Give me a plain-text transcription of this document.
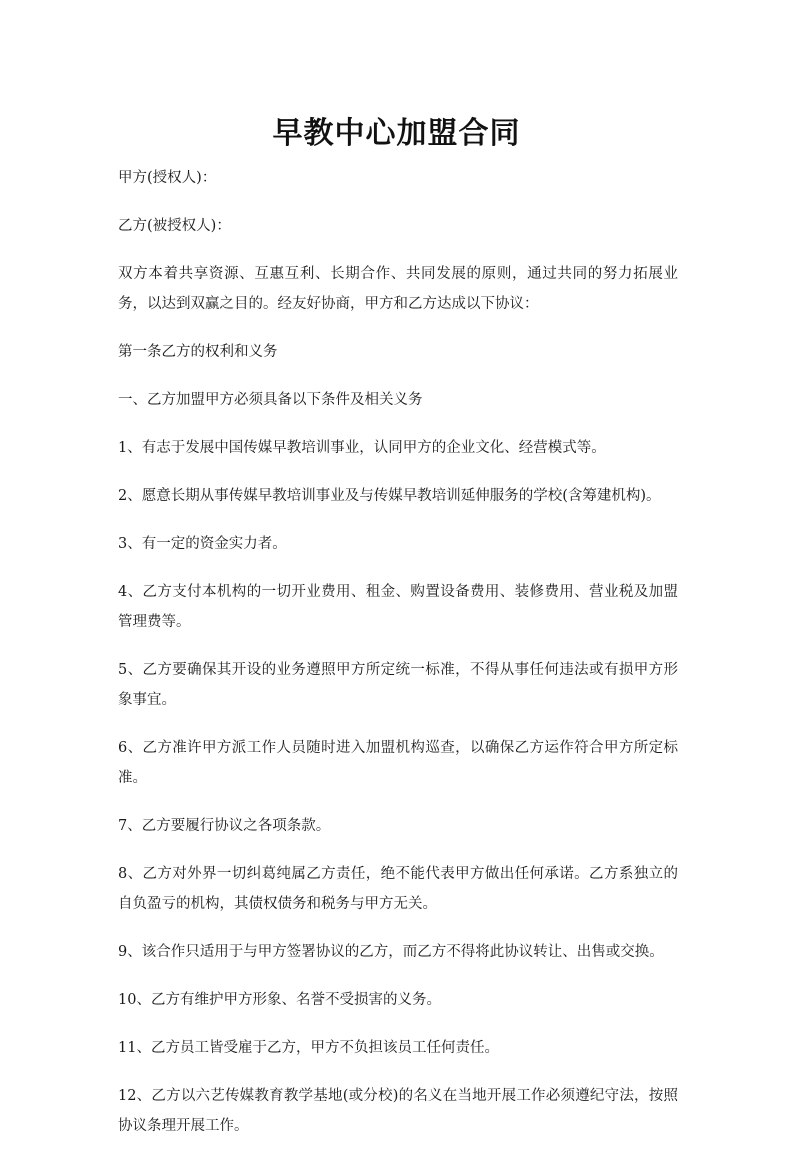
早教中心加盟合同

甲方(授权人)：

乙方(被授权人)：

双方本着共享资源、互惠互利、长期合作、共同发展的原则，通过共同的努力拓展业务，以达到双赢之目的。经友好协商，甲方和乙方达成以下协议：

第一条乙方的权利和义务

一、乙方加盟甲方必须具备以下条件及相关义务

1、有志于发展中国传媒早教培训事业，认同甲方的企业文化、经营模式等。

2、愿意长期从事传媒早教培训事业及与传媒早教培训延伸服务的学校(含筹建机构)。

3、有一定的资金实力者。

4、乙方支付本机构的一切开业费用、租金、购置设备费用、装修费用、营业税及加盟管理费等。

5、乙方要确保其开设的业务遵照甲方所定统一标准，不得从事任何违法或有损甲方形象事宜。

6、乙方准许甲方派工作人员随时进入加盟机构巡查，以确保乙方运作符合甲方所定标准。

7、乙方要履行协议之各项条款。

8、乙方对外界一切纠葛纯属乙方责任，绝不能代表甲方做出任何承诺。乙方系独立的自负盈亏的机构，其债权债务和税务与甲方无关。

9、该合作只适用于与甲方签署协议的乙方，而乙方不得将此协议转让、出售或交换。

10、乙方有维护甲方形象、名誉不受损害的义务。

11、乙方员工皆受雇于乙方，甲方不负担该员工任何责任。

12、乙方以六艺传媒教育教学基地(或分校)的名义在当地开展工作必须遵纪守法，按照协议条理开展工作。
